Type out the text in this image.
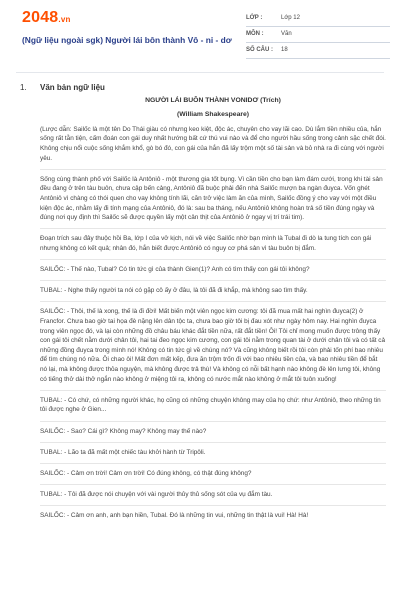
2048.vn
(Ngữ liệu ngoài sgk) Người lái bôn thành Vô - ni - dơ
LỚP :	Lớp 12
MÔN :	Văn
SỐ CÂU :	18
1. Văn bản ngữ liệu

NGƯỜI LÁI BUÔN THÀNH VONIDƠ (Trích)

(William Shakespeare)

(Lược dẫn: Sailốc là một tên Do Thái giàu có nhưng keo kiệt, độc ác, chuyên cho vay lãi cao. Dù lắm tiền nhiều của, hắn sống rất tằn tiện, cấm đoán con gái duy nhất hướng bất cứ thú vui nào và để cho người hầu sống trong cảnh sặc chết đói. Không chịu nổi cuộc sống khắm khổ, gò bó đó, con gái của hắn đã lấy trộm một số tài sản và bỏ nhà ra đi cùng với người yêu.

Sống cùng thành phố với Sailốc là Antôniô - một thương gia tốt bụng. Vì cần tiền cho bạn làm đám cưới, trong khi tài sản đều đang ở trên tàu buôn, chưa cập bến cảng, Antôniô đã buộc phải đến nhà Sailốc mượn ba ngàn đuyca. Vốn ghét Antôniô vì chàng có thói quen cho vay không tính lãi, căn trở việc làm ăn của mình, Sailốc đồng ý cho vay với một điều kiện độc ác, nhằm lấy đi tính mạng của Antôniô, đó là: sau ba tháng, nếu Antôniô không hoàn trả số tiền đúng ngày và đúng nơi quy định thì Sailốc sẽ được quyền lấy một cân thịt của Antôniô ở ngay vị trí trái tim).

Đoạn trích sau đây thuộc hồi Ba, lớp I của vở kịch, nói về việc Sailốc nhờ bạn mình là Tubal đi dò la tung tích con gái nhưng không có kết quả; nhân đó, hắn biết được Antôniô có nguy cơ phá sản vì tàu buôn bị đắm.

SAILỐC: - Thế nào, Tubal? Có tin tức gì của thành Gien(1)? Anh có tìm thấy con gái tôi không?

TUBAL: - Nghe thấy người ta nói có gặp cô ấy ở đâu, là tôi đã đi khắp, mà không sao tìm thấy.

SAILỐC: - Thôi, thế là xong, thế là đi đời! Mất biến một viên ngọc kim cương: tôi đã mua mất hai nghìn đuyca(2) ở Francfor. Chưa bao giờ tai họa đè nặng lên dân tộc ta, chưa bao giờ tôi bị đau xót như ngày hôm nay. Hai nghìn đuyca trong viên ngọc đó, và lại còn những đồ châu báu khác đắt tiền nữa, rất đắt tiền! Ôi! Tôi chỉ mong muốn được trông thấy con gái tôi chết nằm dưới chân tôi, hai tai đeo ngọc kim cương, con gái tôi nằm trong quan tài ở dưới chân tôi và có tất cả những đồng đuyca trong mình nó! Không có tin tức gì về chúng nó? Và cũng không biết rồi tôi còn phải tốn phí bao nhiêu để tìm chúng nó nữa. Ôi chao ôi! Mất đơn mất kếp, đưa ăn trộm trốn đi với bao nhiêu tiền của, và bao nhiêu tiền để bắt nó lại, mà không được thỏa nguyện, mà không được trả thù! Và không có nỗi bất hạnh nào không đè lên lưng tôi, không có tiếng thở dài thở ngắn nào không ở miệng tôi ra, không có nước mắt nào không ở mắt tôi tuôn xuống!

TUBAL: - Có chứ, có những người khác, họ cũng có những chuyện không may của họ chứ: như Antôniô, theo những tin tôi được nghe ở Gien...

SAILỐC: - Sao? Cái gì? Không may? Không may thế nào?

TUBAL: - Lão ta đã mất một chiếc tàu khởi hành từ Tripôli.

SAILỐC: - Cảm ơn trời! Cảm ơn trời! Có đúng không, có thật đúng không?

TUBAL: - Tôi đã được nói chuyện với vài người thủy thủ sống sót của vụ đắm tàu.

SAILỐC: - Cảm ơn anh, anh bạn hiền, Tubal. Đó là những tin vui, những tin thật là vui! Hà! Hà!
